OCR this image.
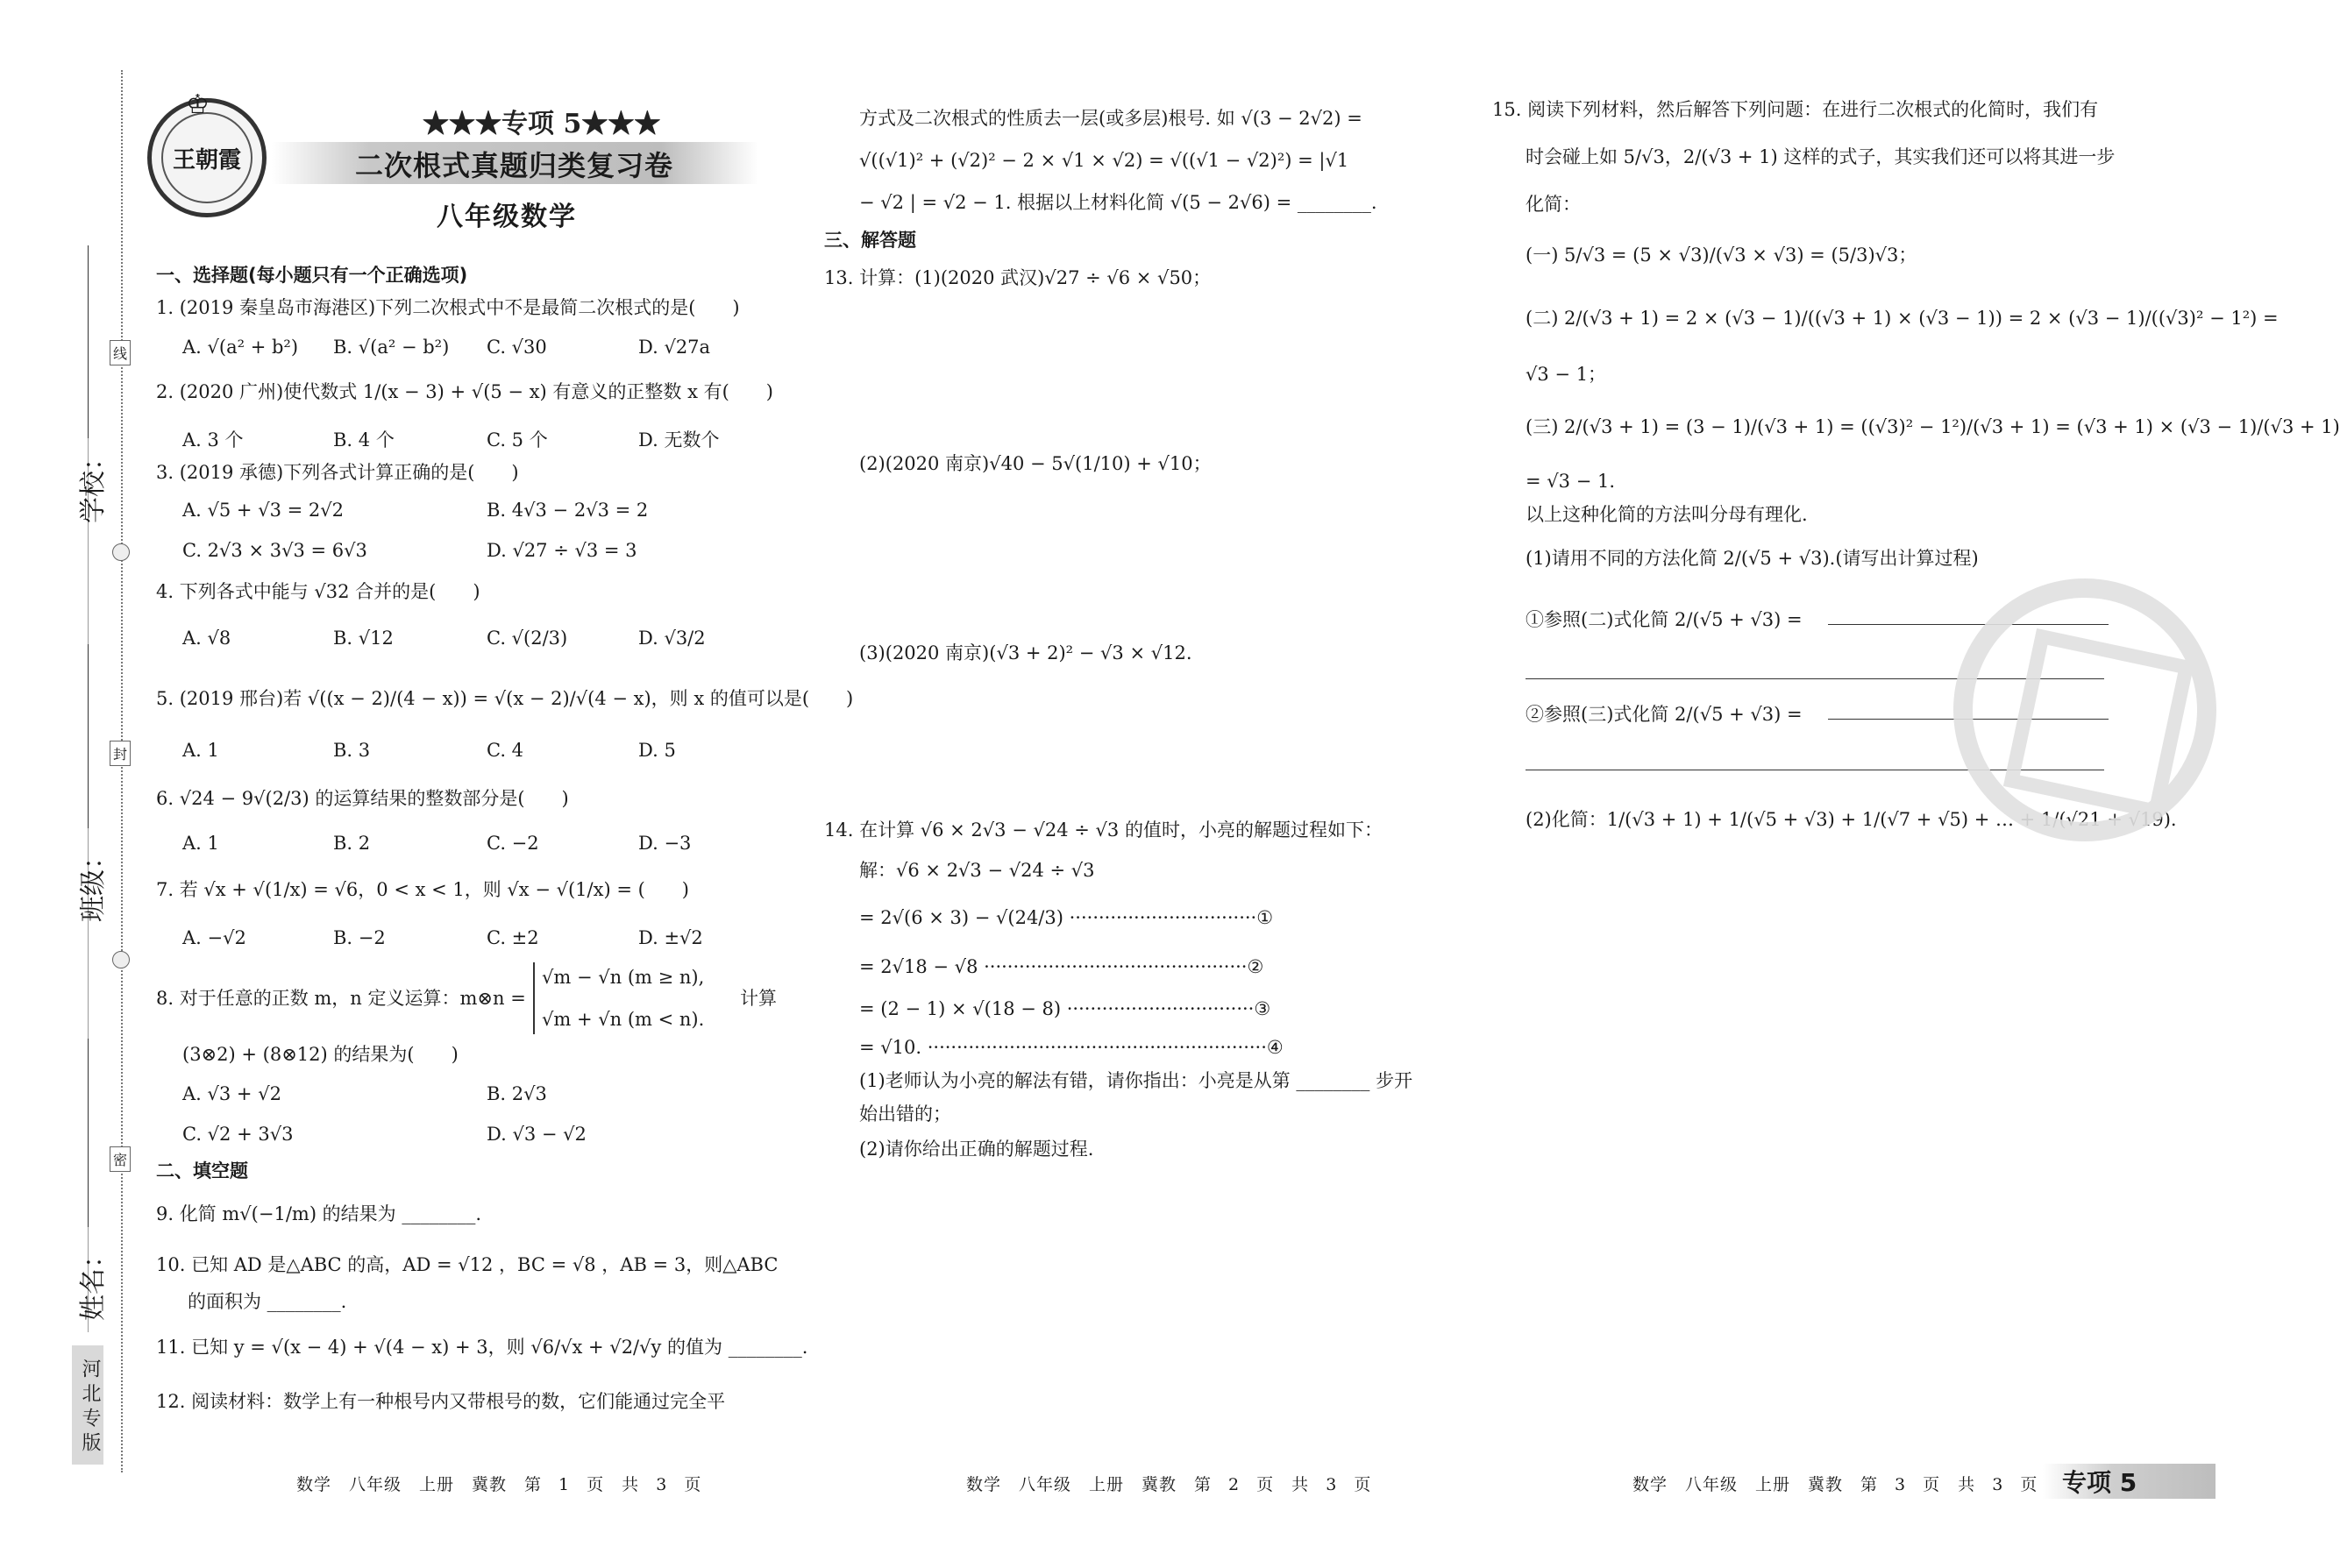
学校：
线
班级：
封
姓名：
密
河北专版
王朝霞
♔
★★★专项 5★★★
二次根式真题归类复习卷
八年级数学
一、选择题(每小题只有一个正确选项)
1. (2019 秦皇岛市海港区)下列二次根式中不是最简二次根式的是(　　)
A. √(a² + b²) B. √(a² − b²) C. √30	D. √27a
2. (2020 广州)使代数式 1/(x − 3) + √(5 − x) 有意义的正整数 x 有(　　)
A. 3 个	B. 4 个	C. 5 个	D. 无数个
3. (2019 承德)下列各式计算正确的是(　　)
A. √5 + √3 = 2√2	B. 4√3 − 2√3 = 2
C. 2√3 × 3√3 = 6√3	D. √27 ÷ √3 = 3
4. 下列各式中能与 √32 合并的是(　　)
A. √8	B. √12	C. √(2/3)	D. √3/2
5. (2019 邢台)若 √((x − 2)/(4 − x)) = √(x − 2)/√(4 − x)，则 x 的值可以是(　　)
A. 1	B. 3	C. 4	D. 5
6. √24 − 9√(2/3) 的运算结果的整数部分是(　　)
A. 1	B. 2	C. −2	D. −3
7. 若 √x + √(1/x) = √6，0 < x < 1，则 √x − √(1/x) = (　　)
A. −√2	B. −2	C. ±2	D. ±√2
8. 对于任意的正数 m，n 定义运算：m⊗n =
√m − √n (m ≥ n),
√m + √n (m < n).
计算
(3⊗2) + (8⊗12) 的结果为(　　)
A. √3 + √2	B. 2√3
C. √2 + 3√3	D. √3 − √2
二、填空题
9. 化简 m√(−1/m) 的结果为 ________.
10. 已知 AD 是△ABC 的高，AD = √12 ，BC = √8 ，AB = 3，则△ABC
的面积为 ________.
11. 已知 y = √(x − 4) + √(4 − x) + 3，则 √6/√x + √2/√y 的值为 ________.
12. 阅读材料：数学上有一种根号内又带根号的数，它们能通过完全平
方式及二次根式的性质去一层(或多层)根号. 如 √(3 − 2√2) =
√((√1)² + (√2)² − 2 × √1 × √2) = √((√1 − √2)²) = |√1
− √2 | = √2 − 1. 根据以上材料化简 √(5 − 2√6) = ________.
三、解答题
13. 计算：(1)(2020 武汉)√27 ÷ √6 × √50；
(2)(2020 南京)√40 − 5√(1/10) + √10；
(3)(2020 南京)(√3 + 2)² − √3 × √12.
14. 在计算 √6 × 2√3 − √24 ÷ √3 的值时，小亮的解题过程如下：
解：√6 × 2√3 − √24 ÷ √3
= 2√(6 × 3) − √(24/3) ································①
= 2√18 − √8 ·············································②
= (2 − 1) × √(18 − 8) ································③
= √10. ··························································④
(1)老师认为小亮的解法有错，请你指出：小亮是从第 ________ 步开
始出错的；
(2)请你给出正确的解题过程.
15. 阅读下列材料，然后解答下列问题：在进行二次根式的化简时，我们有
时会碰上如 5/√3，2/(√3 + 1) 这样的式子，其实我们还可以将其进一步
化简：
(一) 5/√3 = (5 × √3)/(√3 × √3) = (5/3)√3；
(二) 2/(√3 + 1) = 2 × (√3 − 1)/((√3 + 1) × (√3 − 1)) = 2 × (√3 − 1)/((√3)² − 1²) =
√3 − 1；
(三) 2/(√3 + 1) = (3 − 1)/(√3 + 1) = ((√3)² − 1²)/(√3 + 1) = (√3 + 1) × (√3 − 1)/(√3 + 1)
= √3 − 1.
以上这种化简的方法叫分母有理化.
(1)请用不同的方法化简 2/(√5 + √3).(请写出计算过程)
①参照(二)式化简 2/(√5 + √3) =
②参照(三)式化简 2/(√5 + √3) =
(2)化简：1/(√3 + 1) + 1/(√5 + √3) + 1/(√7 + √5) + … + 1/(√21 + √19).
数学　八年级　上册　冀教　第 1 页　共 3 页	数学　八年级　上册　冀教　第 2 页　共 3 页	数学　八年级　上册　冀教　第 3 页　共 3 页 专项 5
